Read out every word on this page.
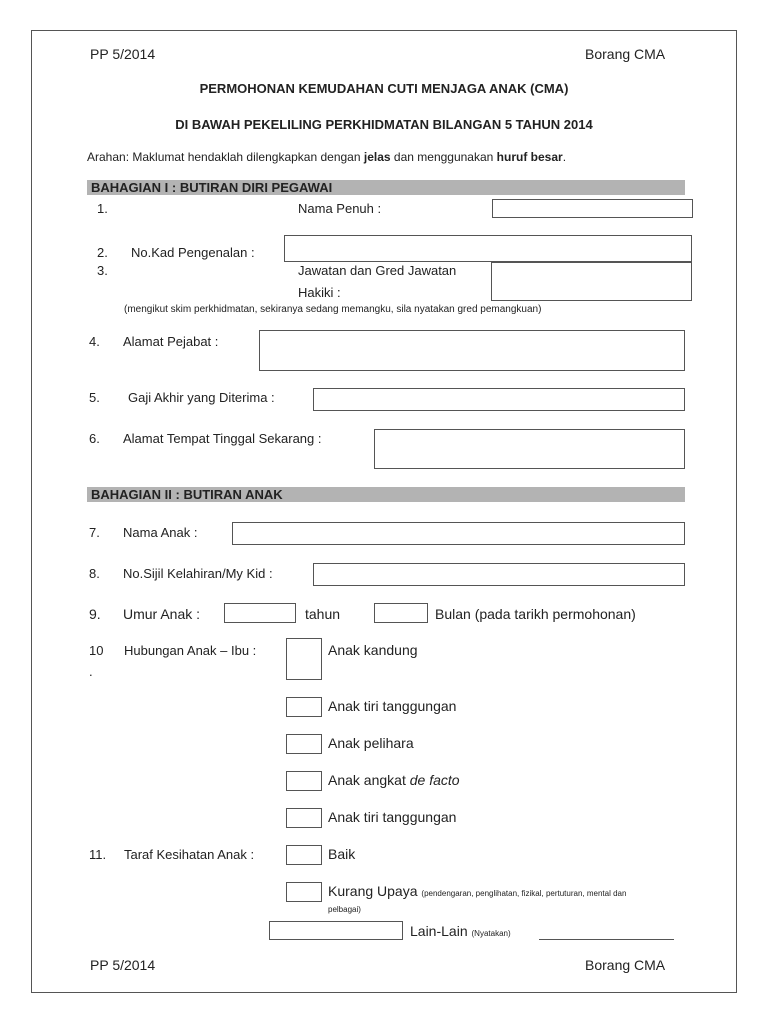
PP 5/2014	Borang CMA
PERMOHONAN KEMUDAHAN CUTI MENJAGA ANAK (CMA)
DI BAWAH PEKELILING PERKHIDMATAN BILANGAN 5 TAHUN 2014
Arahan: Maklumat hendaklah dilengkapkan dengan jelas dan menggunakan huruf besar.
BAHAGIAN I : BUTIRAN DIRI PEGAWAI
1.	Nama Penuh :
2. No.Kad Pengenalan :
3.	Jawatan dan Gred Jawatan
Hakiki :
(mengikut skim perkhidmatan, sekiranya sedang memangku, sila nyatakan gred pemangkuan)
4. Alamat Pejabat :
5. Gaji Akhir yang Diterima :
6. Alamat Tempat Tinggal Sekarang :
BAHAGIAN II : BUTIRAN ANAK
7. Nama Anak :
8. No.Sijil Kelahiran/My Kid :
9. Umur Anak :	tahun	Bulan (pada tarikh permohonan)
10
.
Hubungan Anak – Ibu :	Anak kandung
Anak tiri tanggungan
Anak pelihara
Anak angkat de facto
Anak tiri tanggungan
11. Taraf Kesihatan Anak :	Baik
Kurang Upaya (pendengaran, penglihatan, fizikal, pertuturan, mental dan
pelbagai)
Lain-Lain (Nyatakan)
PP 5/2014	Borang CMA
